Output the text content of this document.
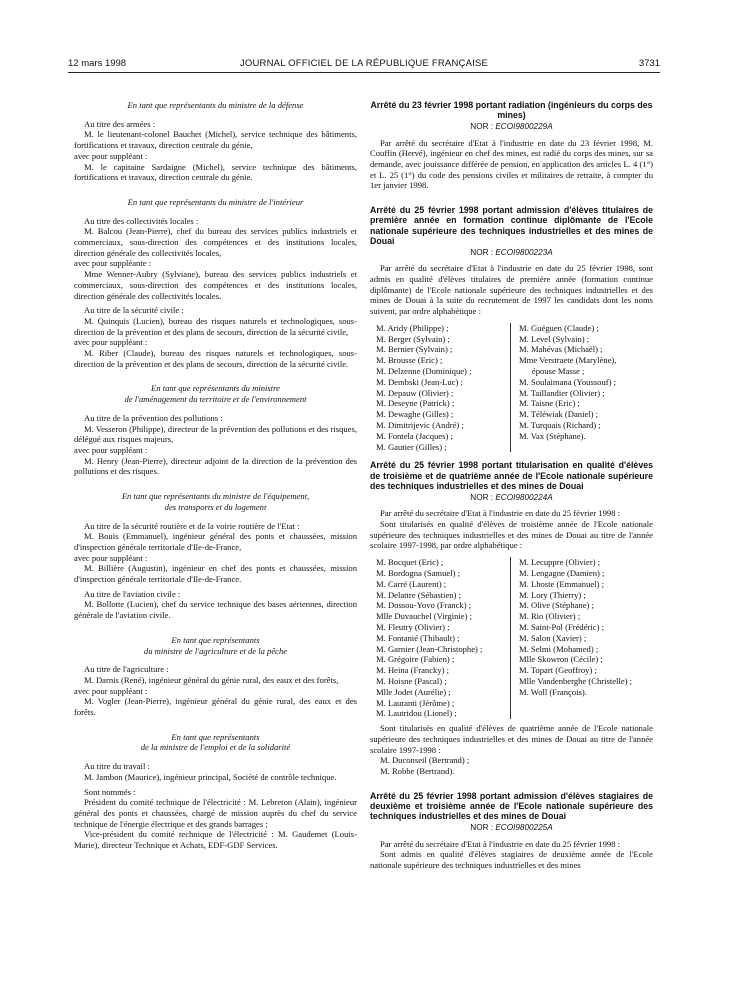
12 mars 1998	JOURNAL OFFICIEL DE LA RÉPUBLIQUE FRANÇAISE	3731

En tant que représentants du ministre de la défense

Au titre des armées :

M. le lieutenant-colonel Bauchet (Michel), service technique des bâtiments, fortifications et travaux, direction centrale du génie,

avec pour suppléant :

M. le capitaine Sardaigne (Michel), service technique des bâtiments, fortifications et travaux, direction centrale du génie.

En tant que représentants du ministre de l'intérieur

Au titre des collectivités locales :

M. Balcou (Jean-Pierre), chef du bureau des services publics industriels et commerciaux, sous-direction des compétences et des institutions locales, direction générale des collectivités locales,

avec pour suppléante :

Mme Wenner-Aubry (Sylviane), bureau des services publics industriels et commerciaux, sous-direction des compétences et des institutions locales, direction générale des collectivités locales.

Au titre de la sécurité civile :

M. Quinquis (Lucien), bureau des risques naturels et technologiques, sous-direction de la prévention et des plans de secours, direction de la sécurité civile,

avec pour suppléant :

M. Riber (Claude), bureau des risques naturels et technologiques, sous-direction de la prévention et des plans de secours, direction de la sécurité civile.

En tant que représentants du ministre

de l'aménagement du territoire et de l'environnement

Au titre de la prévention des pollutions :

M. Vesseron (Philippe), directeur de la prévention des pollutions et des risques, délégué aux risques majeurs,

avec pour suppléant :

M. Henry (Jean-Pierre), directeur adjoint de la direction de la prévention des pollutions et des risques.

En tant que représentants du ministre de l'équipement,

des transports et du logement

Au titre de la sécurité routière et de la voirie routière de l'Etat :

M. Bouis (Emmanuel), ingénieur général des ponts et chaussées, mission d'inspection générale territoriale d'Ile-de-France,

avec pour suppléant :

M. Billière (Augustin), ingénieur en chef des ponts et chaussées, mission d'inspection générale territoriale d'Ile-de-France.

Au titre de l'aviation civile :

M. Bollotte (Lucien), chef du service technique des bases aériennes, direction générale de l'aviation civile.

En tant que représentants

du ministre de l'agriculture et de la pêche

Au titre de l'agriculture :

M. Darnis (René), ingénieur général du génie rural, des eaux et des forêts,

avec pour suppléant :

M. Vogler (Jean-Pierre), ingénieur général du génie rural, des eaux et des forêts.

En tant que représentants

de la ministre de l'emploi et de la solidarité

Au titre du travail :

M. Jambon (Maurice), ingénieur principal, Société de contrôle technique.

Sont nommés :

Président du comité technique de l'électricité : M. Lebreton (Alain), ingénieur général des ponts et chaussées, chargé de mission auprès du chef du service technique de l'énergie électrique et des grands barrages ;

Vice-président du comité technique de l'électricité : M. Gaudemet (Louis-Marie), directeur Technique et Achats, EDF-GDF Services.

Arrêté du 23 février 1998 portant radiation (ingénieurs du corps des mines)

NOR : ECOI9800229A

Par arrêté du secrétaire d'Etat à l'industrie en date du 23 février 1998, M. Couffin (Hervé), ingénieur en chef des mines, est radié du corps des mines, sur sa demande, avec jouissance différée de pension, en application des articles L. 4 (1°) et L. 25 (1°) du code des pensions civiles et militaires de retraite, à compter du 1er janvier 1998.

Arrêté du 25 février 1998 portant admission d'élèves titulaires de première année en formation continue diplômante de l'Ecole nationale supérieure des techniques industrielles et des mines de Douai

NOR : ECOI9800223A

Par arrêté du secrétaire d'Etat à l'industrie en date du 25 février 1998, sont admis en qualité d'élèves titulaires de première année (formation continue diplômante) de l'Ecole nationale supérieure des techniques industrielles et des mines de Douai à la suite du recrutement de 1997 les candidats dont les noms suivent, par ordre alphabétique :

M. Aridy (Philippe) ;
M. Berger (Sylvain) ;
M. Bernier (Sylvain) ;
M. Brousse (Eric) ;
M. Delzenne (Dominique) ;
M. Dembski (Jean-Luc) ;
M. Depauw (Olivier) ;
M. Deseyne (Patrick) ;
M. Dewaghe (Gilles) ;
M. Dimitrijevic (André) ;
M. Fontela (Jacques) ;
M. Gautier (Gilles) ;
M. Guéguen (Claude) ;
M. Level (Sylvain) ;
M. Mahévas (Michaël) ;
Mme Verstraete (Marylène),
épouse Masse ;
M. Soulaimana (Youssouf) ;
M. Taillandier (Olivier) ;
M. Taisne (Eric) ;
M. Téléwiak (Daniel) ;
M. Turquais (Richard) ;
M. Vax (Stéphane).

Arrêté du 25 février 1998 portant titularisation en qualité d'élèves de troisième et de quatrième année de l'Ecole nationale supérieure des techniques industrielles et des mines de Douai

NOR : ECOI9800224A

Par arrêté du secrétaire d'Etat à l'industrie en date du 25 février 1998 :

Sont titularisés en qualité d'élèves de troisième année de l'Ecole nationale supérieure des techniques industrielles et des mines de Douai au titre de l'année scolaire 1997-1998, par ordre alphabétique :

M. Bocquet (Eric) ;
M. Bordogna (Samuel) ;
M. Carré (Laurent) ;
M. Delattre (Sébastien) ;
M. Dossou-Yovo (Franck) ;
Mlle Duvauchel (Virginie) ;
M. Fleutry (Olivier) ;
M. Fontanié (Thibault) ;
M. Garnier (Jean-Christophe) ;
M. Grégoire (Fabien) ;
M. Heina (Francky) ;
M. Hoisne (Pascal) ;
Mlle Jodet (Aurélie) ;
M. Lauranti (Jérôme) ;
M. Lautridou (Lionel) ;
M. Lecuppre (Olivier) ;
M. Lengagne (Damien) ;
M. Lhoste (Emmanuel) ;
M. Lory (Thierry) ;
M. Olive (Stéphane) ;
M. Rio (Olivier) ;
M. Saint-Pol (Frédéric) ;
M. Salon (Xavier) ;
M. Selmi (Mohamed) ;
Mlle Skowron (Cécile) ;
M. Topart (Geoffroy) ;
Mlle Vandenberghe (Christelle) ;
M. Woll (François).

Sont titularisés en qualité d'élèves de quatrième année de l'Ecole nationale supérieure des techniques industrielles et des mines de Douai au titre de l'année scolaire 1997-1998 :

M. Duconseil (Bertrand) ;

M. Robbe (Bertrand).

Arrêté du 25 février 1998 portant admission d'élèves stagiaires de deuxième et troisième année de l'Ecole nationale supérieure des techniques industrielles et des mines de Douai

NOR : ECOI9800225A

Par arrêté du secrétaire d'Etat à l'industrie en date du 25 février 1998 :

Sont admis en qualité d'élèves stagiaires de deuxième année de l'Ecole nationale supérieure des techniques industrielles et des mines
